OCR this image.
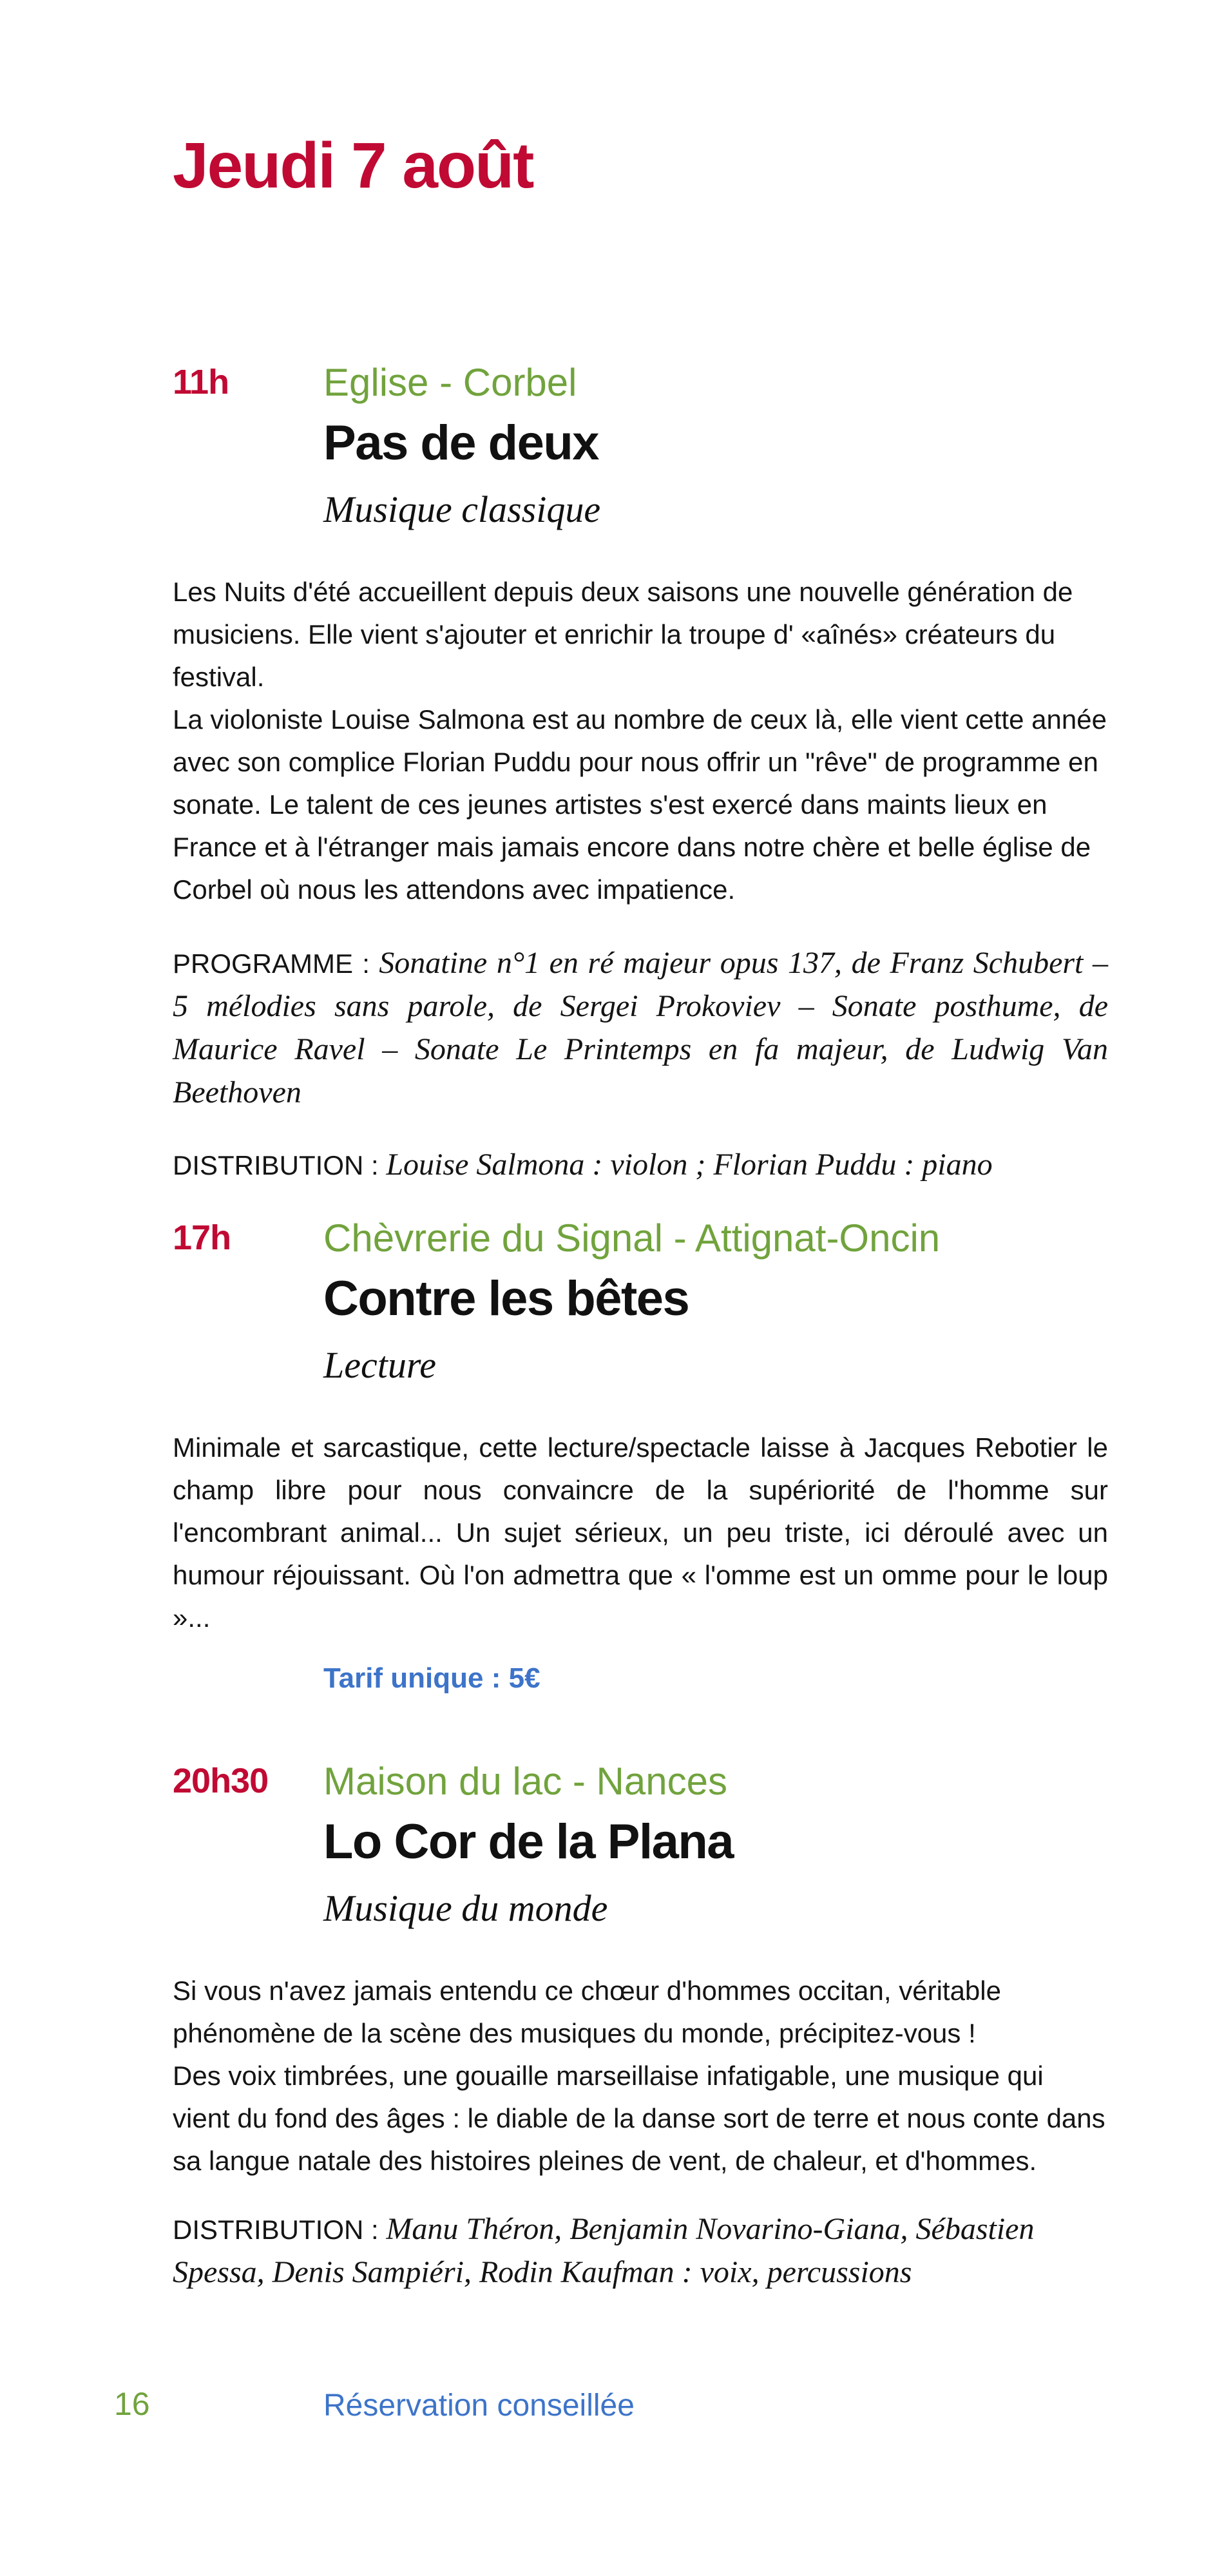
Jeudi 7 août
11h	Eglise - Corbel
Pas de deux
Musique classique

Les Nuits d'été accueillent depuis deux saisons une nouvelle génération de musiciens. Elle vient s'ajouter et enrichir la troupe d' «aînés» créateurs du festival.

La violoniste Louise Salmona est au nombre de ceux là, elle vient cette année avec son complice Florian Puddu pour nous offrir un "rêve" de programme en sonate. Le talent de ces jeunes artistes s'est exercé dans maints lieux en France et à l'étranger mais jamais encore dans notre chère et belle église de Corbel où nous les attendons avec impatience.

PROGRAMME : Sonatine n°1 en ré majeur opus 137, de Franz Schubert – 5 mélodies sans parole, de Sergei Prokoviev – Sonate posthume, de Maurice Ravel – Sonate Le Printemps en fa majeur, de Ludwig Van Beethoven

DISTRIBUTION : Louise Salmona : violon ; Florian Puddu : piano

17h	Chèvrerie du Signal - Attignat-Oncin
Contre les bêtes
Lecture

Minimale et sarcastique, cette lecture/spectacle laisse à Jacques Rebotier le champ libre pour nous convaincre de la supériorité de l'homme sur l'encombrant animal... Un sujet sérieux, un peu triste, ici déroulé avec un humour réjouissant. Où l'on admettra que « l'omme est un omme pour le loup »...

Tarif unique : 5€
20h30	Maison du lac - Nances
Lo Cor de la Plana
Musique du monde

Si vous n'avez jamais entendu ce chœur d'hommes occitan, véritable phénomène de la scène des musiques du monde, précipitez-vous !

Des voix timbrées, une gouaille marseillaise infatigable, une musique qui vient du fond des âges : le diable de la danse sort de terre et nous conte dans sa langue natale des histoires pleines de vent, de chaleur, et d'hommes.

DISTRIBUTION : Manu Théron, Benjamin Novarino-Giana, Sébastien Spessa, Denis Sampiéri, Rodin Kaufman : voix, percussions

16	Réservation conseillée
